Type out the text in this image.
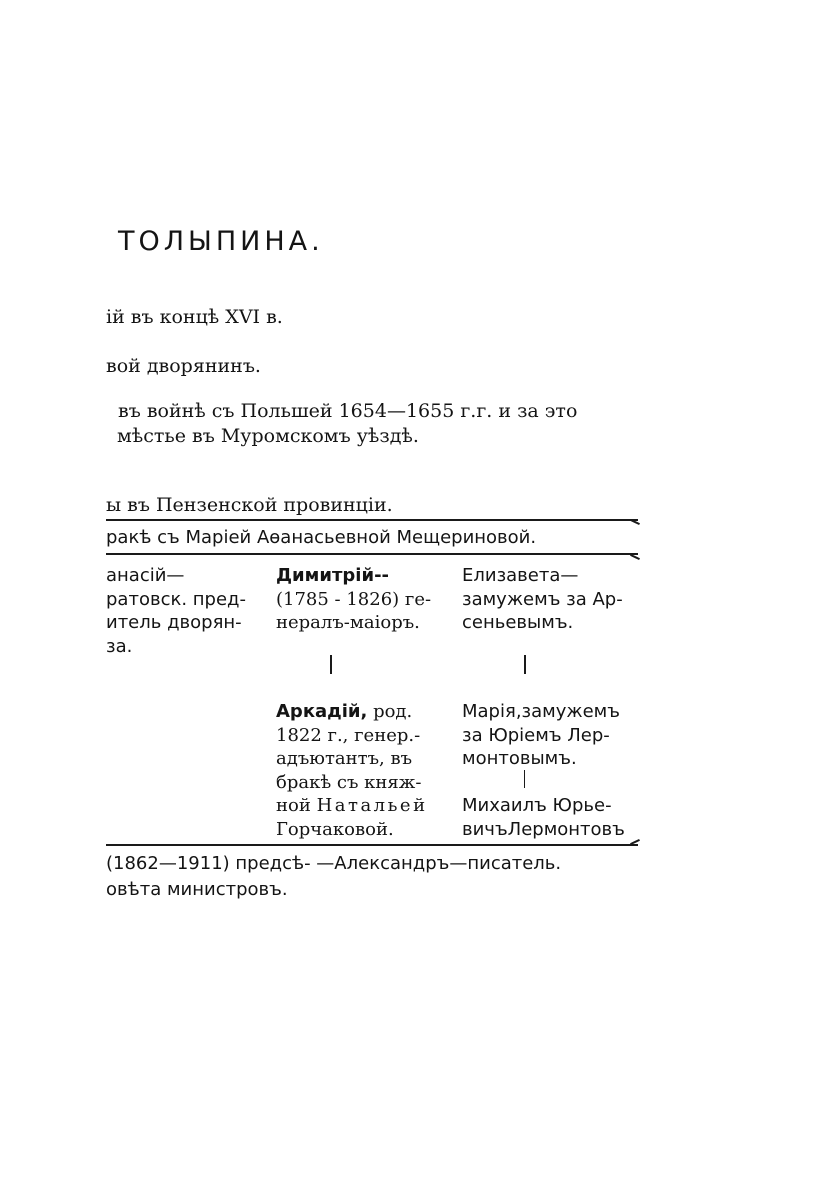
ТОЛЫПИНА.
ій въ концѣ XVI в.
вой дворянинъ.
въ войнѣ съ Польшей 1654—1655 г.г. и за это
мѣстье въ Муромскомъ уѣздѣ.
ы въ Пензенской провинціи.
ракѣ съ Маріей Аѳанасьевной Мещериновой.
анасій—
ратовск. пред-
итель дворян-
за.
Димитрій--
(1785 - 1826) ге-
нералъ-маіоръ.
Елизавета—
замужемъ за Ар-
сеньевымъ.
Аркадій, род.
1822 г., генер.-
адъютантъ, въ
бракѣ съ княж-
ной Натальей
Горчаковой.
Марія,замужемъ
за Юріемъ Лер-
монтовымъ.
Михаилъ Юрье-
вичъЛермонтовъ
(1862—1911) предсѣ- —Александръ—писатель.
овѣта министровъ.
